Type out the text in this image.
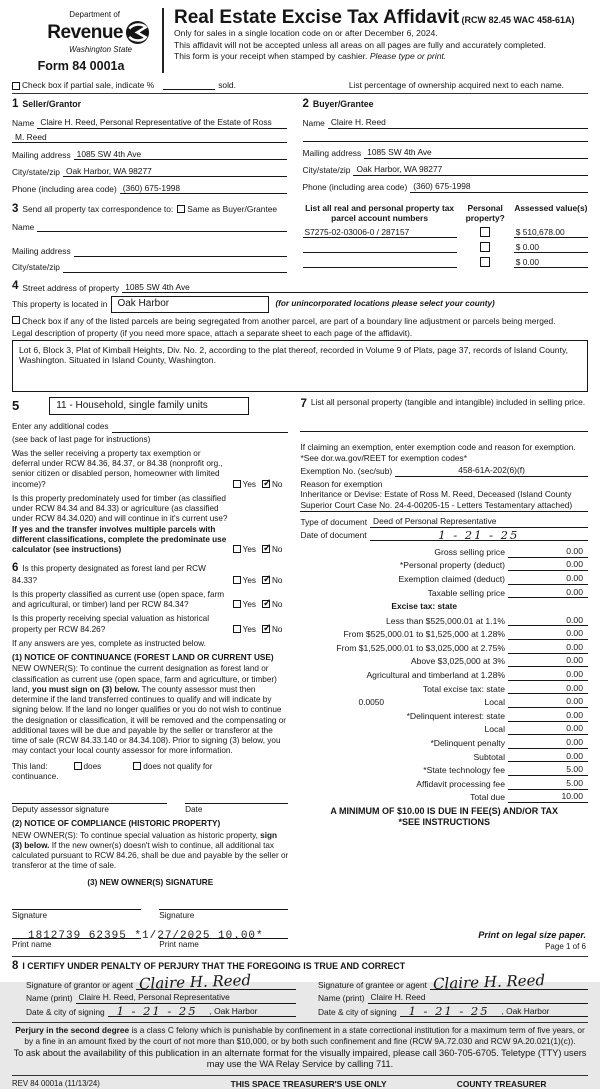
Department of
Revenue
Washington State
Form 84 0001a
Real Estate Excise Tax Affidavit (RCW 82.45 WAC 458-61A)
Only for sales in a single location code on or after December 6, 2024.
This affidavit will not be accepted unless all areas on all pages are fully and accurately completed.
This form is your receipt when stamped by cashier. Please type or print.
Check box if partial sale, indicate %	sold.	List percentage of ownership acquired next to each name.
1 Seller/Grantor
Name Claire H. Reed, Personal Representative of the Estate of Ross
M. Reed
Mailing address 1085 SW 4th Ave
City/state/zip Oak Harbor, WA 98277
Phone (including area code) (360) 675-1998
2 Buyer/Grantee
Name Claire H. Reed
Mailing address 1085 SW 4th Ave
City/state/zip Oak Harbor, WA 98277
Phone (including area code) (360) 675-1998
3 Send all property tax correspondence to: Same as Buyer/Grantee
Name
Mailing address
City/state/zip
List all real and personal property tax parcel account numbers
Personal property?
Assessed value(s)
S7275-02-03006-0 / 287157	$ 510,678.00
$ 0.00
$ 0.00
4 Street address of property 1085 SW 4th Ave
This property is located in	Oak Harbor	(for unincorporated locations please select your county)
Check box if any of the listed parcels are being segregated from another parcel, are part of a boundary line adjustment or parcels being merged.
Legal description of property (if you need more space, attach a separate sheet to each page of the affidavit).
Lot 6, Block 3, Plat of Kimball Heights, Div. No. 2, according to the plat thereof, recorded in Volume 9 of Plats, page 37, records of Island County, Washington. Situated in Island County, Washington.
5	11 - Household, single family units
Enter any additional codes
(see back of last page for instructions)
Was the seller receiving a property tax exemption or deferral under RCW 84.36, 84.37, or 84.38 (nonprofit org., senior citizen or disabled person, homeowner with limited income)?	Yes ✓ No
Is this property predominately used for timber (as classified under RCW 84.34 and 84.33) or agriculture (as classified under RCW 84.34.020) and will continue in it's current use? If yes and the transfer involves multiple parcels with different classifications, complete the predominate use calculator (see instructions)	Yes ✓ No
6 Is this property designated as forest land per RCW 84.33?	Yes ✓ No
Is this property classified as current use (open space, farm and agricultural, or timber) land per RCW 84.34?	Yes ✓ No
Is this property receiving special valuation as historical property per RCW 84.26?	Yes ✓ No
If any answers are yes, complete as instructed below.
(1) NOTICE OF CONTINUANCE (FOREST LAND OR CURRENT USE)
NEW OWNER(S): To continue the current designation as forest land or classification as current use (open space, farm and agriculture, or timber) land, you must sign on (3) below. The county assessor must then determine if the land transferred continues to qualify and will indicate by signing below. If the land no longer qualifies or you do not wish to continue the designation or classification, it will be removed and the compensating or additional taxes will be due and payable by the seller or transferor at the time of sale (RCW 84.33.140 or 84.34.108). Prior to signing (3) below, you may contact your local county assessor for more information.
This land:	does	does not qualify for
continuance.
Deputy assessor signature	Date
(2) NOTICE OF COMPLIANCE (HISTORIC PROPERTY)
NEW OWNER(S): To continue special valuation as historic property, sign (3) below. If the new owner(s) doesn't wish to continue, all additional tax calculated pursuant to RCW 84.26, shall be due and payable by the seller or transferor at the time of sale.
(3) NEW OWNER(S) SIGNATURE
Signature	Signature
Print name	Print name
7 List all personal property (tangible and intangible) included in selling price.
If claiming an exemption, enter exemption code and reason for exemption. *See dor.wa.gov/REET for exemption codes*
Exemption No. (sec/sub)	458-61A-202(6)(f)
Reason for exemption
Inheritance or Devise: Estate of Ross M. Reed, Deceased (Island County Superior Court Case No. 24-4-00205-15 - Letters Testamentary attached)
Type of document Deed of Personal Representative
Date of document	1 - 21 - 25
Gross selling price	0.00
*Personal property (deduct)	0.00
Exemption claimed (deduct)	0.00
Taxable selling price	0.00
Excise tax: state
Less than $525,000.01 at 1.1%	0.00
From $525,000.01 to $1,525,000 at 1.28%	0.00
From $1,525,000.01 to $3,025,000 at 2.75%	0.00
Above $3,025,000 at 3%	0.00
Agricultural and timberland at 1.28%	0.00
Total excise tax: state	0.00
0.0050	Local	0.00
*Delinquent interest: state	0.00
Local	0.00
*Delinquent penalty	0.00
Subtotal	0.00
*State technology fee	5.00
Affidavit processing fee	5.00
Total due	10.00
A MINIMUM OF $10.00 IS DUE IN FEE(S) AND/OR TAX
*SEE INSTRUCTIONS
8 I CERTIFY UNDER PENALTY OF PERJURY THAT THE FOREGOING IS TRUE AND CORRECT
Signature of grantor or agent Claire H. Reed
Name (print) Claire H. Reed, Personal Representative
Date & city of signing	1 - 21 - 25	, Oak Harbor
Signature of grantee or agent Claire H. Reed
Name (print) Claire H. Reed
Date & city of signing	1 - 21 - 25	, Oak Harbor
Perjury in the second degree is a class C felony which is punishable by confinement in a state correctional institution for a maximum term of five years, or by a fine in an amount fixed by the court of not more than $10,000, or by both such confinement and fine (RCW 9A.72.030 and RCW 9A.20.021(1)(c)).
To ask about the availability of this publication in an alternate format for the visually impaired, please call 360-705-6705. Teletype (TTY) users may use the WA Relay Service by calling 711.
REV 84 0001a (11/13/24)	THIS SPACE TREASURER'S USE ONLY	COUNTY TREASURER
1812739 62395 *1/27/2025 10.00*	Print on legal size paper.
Page 1 of 6
